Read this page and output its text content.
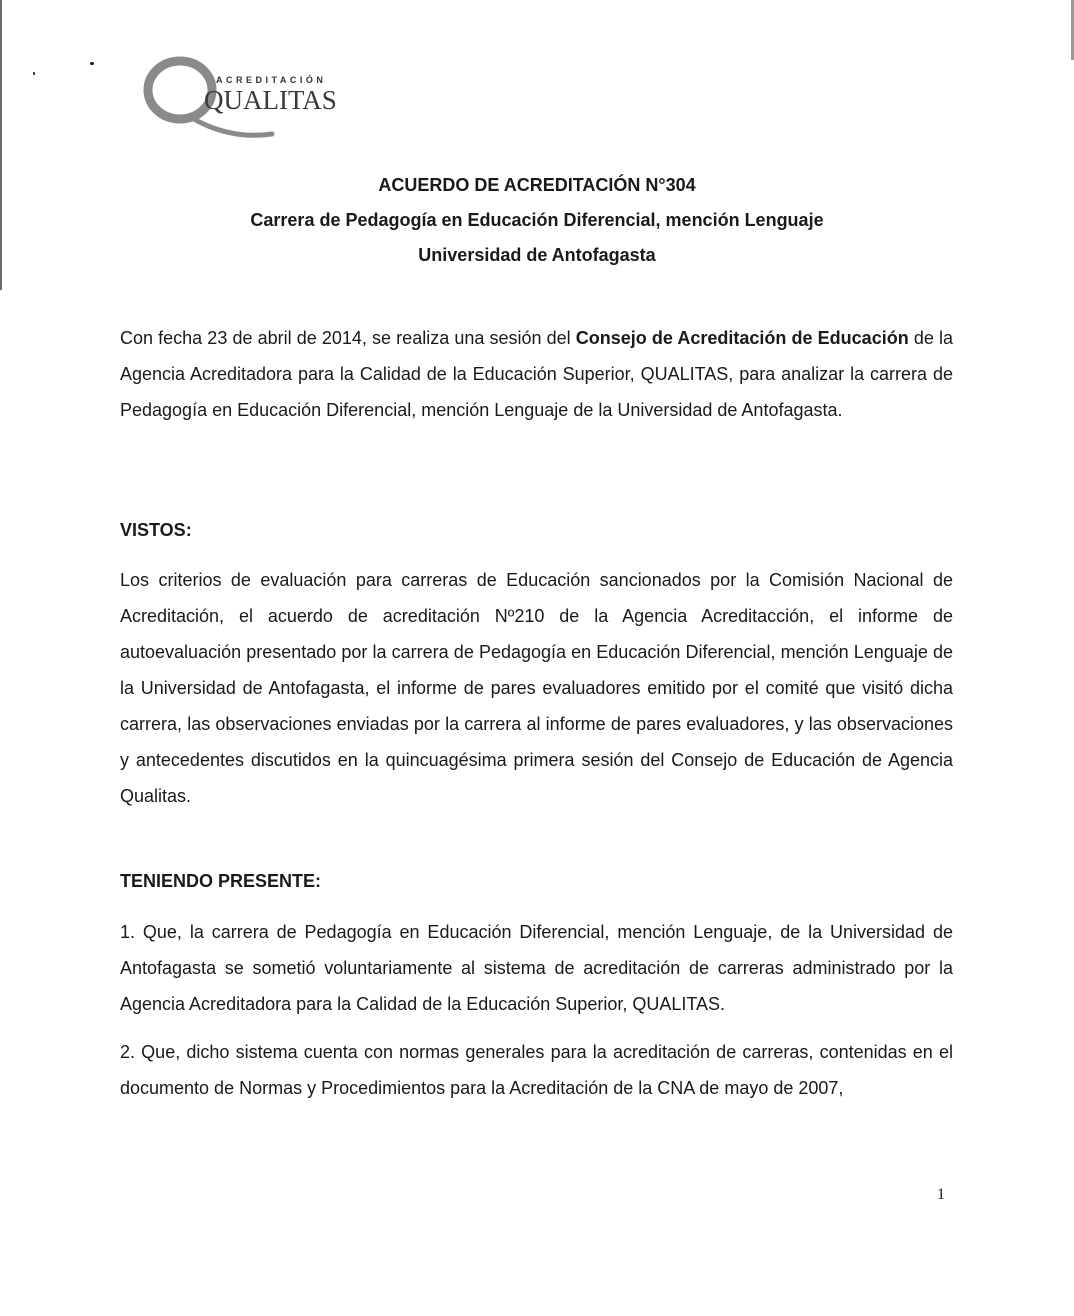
ACREDITACIÓN
QUALITAS

ACUERDO DE ACREDITACIÓN N°304

Carrera de Pedagogía en Educación Diferencial, mención Lenguaje

Universidad de Antofagasta

Con fecha 23 de abril de 2014, se realiza una sesión del Consejo de Acreditación de Educación de la Agencia Acreditadora para la Calidad de la Educación Superior, QUALITAS, para analizar la carrera de Pedagogía en Educación Diferencial, mención Lenguaje de la Universidad de Antofagasta.

VISTOS:

Los criterios de evaluación para carreras de Educación sancionados por la Comisión Nacional de Acreditación, el acuerdo de acreditación Nº210 de la Agencia Acreditacción, el informe de autoevaluación presentado por la carrera de Pedagogía en Educación Diferencial, mención Lenguaje de la Universidad de Antofagasta, el informe de pares evaluadores emitido por el comité que visitó dicha carrera, las observaciones enviadas por la carrera al informe de pares evaluadores, y las observaciones y antecedentes discutidos en la quincuagésima primera sesión del Consejo de Educación de Agencia Qualitas.

TENIENDO PRESENTE:

1. Que, la carrera de Pedagogía en Educación Diferencial, mención Lenguaje, de la Universidad de Antofagasta se sometió voluntariamente al sistema de acreditación de carreras administrado por la Agencia Acreditadora para la Calidad de la Educación Superior, QUALITAS.

2. Que, dicho sistema cuenta con normas generales para la acreditación de carreras, contenidas en el documento de Normas y Procedimientos para la Acreditación de la CNA de mayo de 2007,

1
